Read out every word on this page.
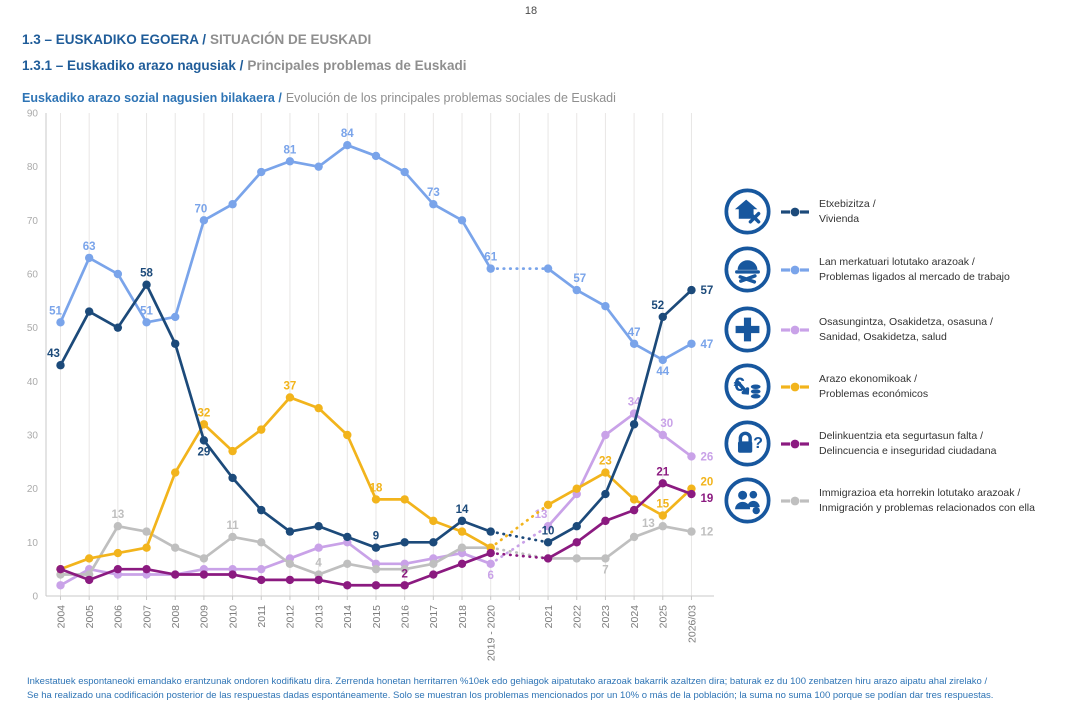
18
1.3 – EUSKADIKO EGOERA / SITUACIÓN DE EUSKADI
1.3.1 – Euskadiko arazo nagusiak / Principales problemas de Euskadi
Euskadiko arazo sozial nagusien bilakaera / Evolución de los principales problemas sociales de Euskadi
0
10
20
30
40
50
60
70
80
90
2004 2005 2006 2007 2008 2009 2010 2011 2012 2013 2014 2015 2016 2017 2018 2019 - 2020	2021 2022 2023 2024 2025 2026/03
51
63
51
70
81
84
73
61
57
47
44
47
6
13
34
30
26
13
11
4
7
13
12
32
37
18
23
15
20
43
58
29
9
14
10
52
57
2
21
19
Etxebizitza /
Vivienda
Lan merkatuari lotutako arazoak /
Problemas ligados al mercado de trabajo
Osasungintza, Osakidetza, osasuna /
Sanidad, Osakidetza, salud
€	Arazo ekonomikoak /
Problemas económicos
?	Delinkuentzia eta segurtasun falta /
Delincuencia e inseguridad ciudadana
Immigrazioa eta horrekin lotutako arazoak /
Inmigración y problemas relacionados con ella
Inkestatuek espontaneoki emandako erantzunak ondoren kodifikatu dira. Zerrenda honetan herritarren %10ek edo gehiagok aipatutako arazoak bakarrik azaltzen dira; baturak ez du 100 zenbatzen hiru arazo aipatu ahal zirelako /
Se ha realizado una codificación posterior de las respuestas dadas espontáneamente. Solo se muestran los problemas mencionados por un 10% o más de la población; la suma no suma 100 porque se podían dar tres respuestas.
